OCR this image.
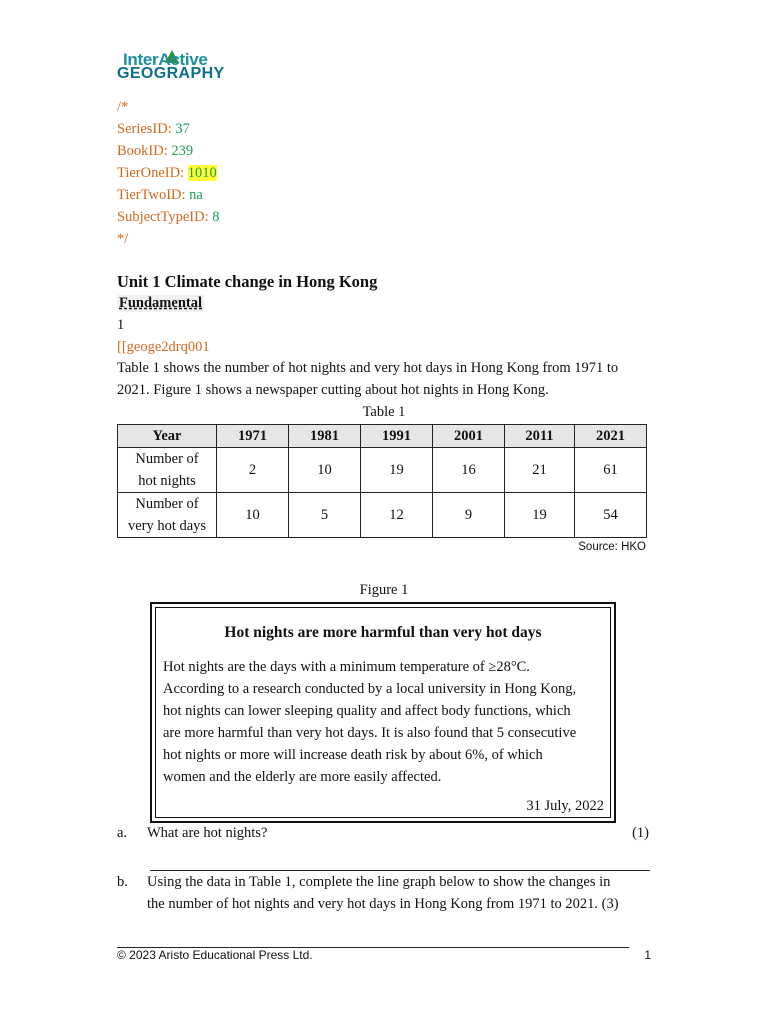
InterActive
GEOGRAPHY
/*
SeriesID: 37
BookID: 239
TierOneID: 1010
TierTwoID: na
SubjectTypeID: 8
*/
Unit 1 Climate change in Hong Kong
Fundamental
1
[[geoge2drq001
Table 1 shows the number of hot nights and very hot days in Hong Kong from 1971 to
2021. Figure 1 shows a newspaper cutting about hot nights in Hong Kong.
Table 1
Year	1971	1981	1991	2001	2011	2021

Number of
hot nights	2	10	19	16	21	61

Number of
very hot days	10	5	12	9	19	54
Source: HKO
Figure 1
Hot nights are more harmful than very hot days

Hot nights are the days with a minimum temperature of ≥28°C.

According to a research conducted by a local university in Hong Kong,

hot nights can lower sleeping quality and affect body functions, which

are more harmful than very hot days. It is also found that 5 consecutive

hot nights or more will increase death risk by about 6%, of which

women and the elderly are more easily affected.

31 July, 2022
a. What are hot nights?	(1)
b. Using the data in Table 1, complete the line graph below to show the changes in
the number of hot nights and very hot days in Hong Kong from 1971 to 2021. (3)
© 2023 Aristo Educational Press Ltd.	1
